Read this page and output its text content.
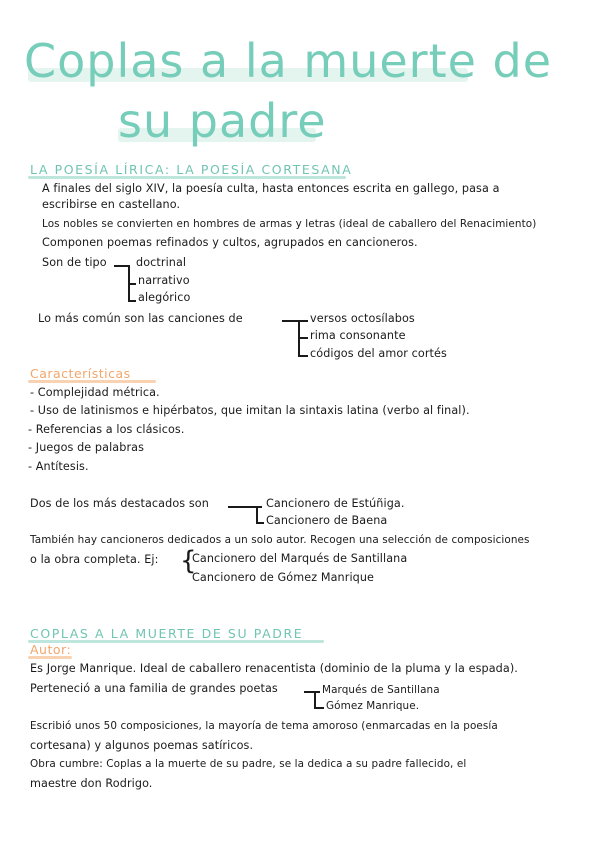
Coplas a la muerte de
su padre
LA POESÍA LÍRICA: LA POESÍA CORTESANA
A finales del siglo XIV, la poesía culta, hasta entonces escrita en gallego, pasa a
escribirse en castellano.
Los nobles se convierten en hombres de armas y letras (ideal de caballero del Renacimiento)
Componen poemas refinados y cultos, agrupados en cancioneros.
Son de tipo	doctrinal
narrativo
alegórico
Lo más común son las canciones de	versos octosílabos
rima consonante
códigos del amor cortés
Características
- Complejidad métrica.
- Uso de latinismos e hipérbatos, que imitan la sintaxis latina (verbo al final).
- Referencias a los clásicos.
- Juegos de palabras
- Antítesis.
Dos de los más destacados son	Cancionero de Estúñiga.
Cancionero de Baena
También hay cancioneros dedicados a un solo autor. Recogen una selección de composiciones
o la obra completa. Ej: {
Cancionero del Marqués de Santillana
Cancionero de Gómez Manrique
COPLAS A LA MUERTE DE SU PADRE
Autor:
Es Jorge Manrique. Ideal de caballero renacentista (dominio de la pluma y la espada).
Perteneció a una familia de grandes poetas	Marqués de Santillana
Gómez Manrique.
Escribió unos 50 composiciones, la mayoría de tema amoroso (enmarcadas en la poesía
cortesana) y algunos poemas satíricos.
Obra cumbre: Coplas a la muerte de su padre, se la dedica a su padre fallecido, el
maestre don Rodrigo.
